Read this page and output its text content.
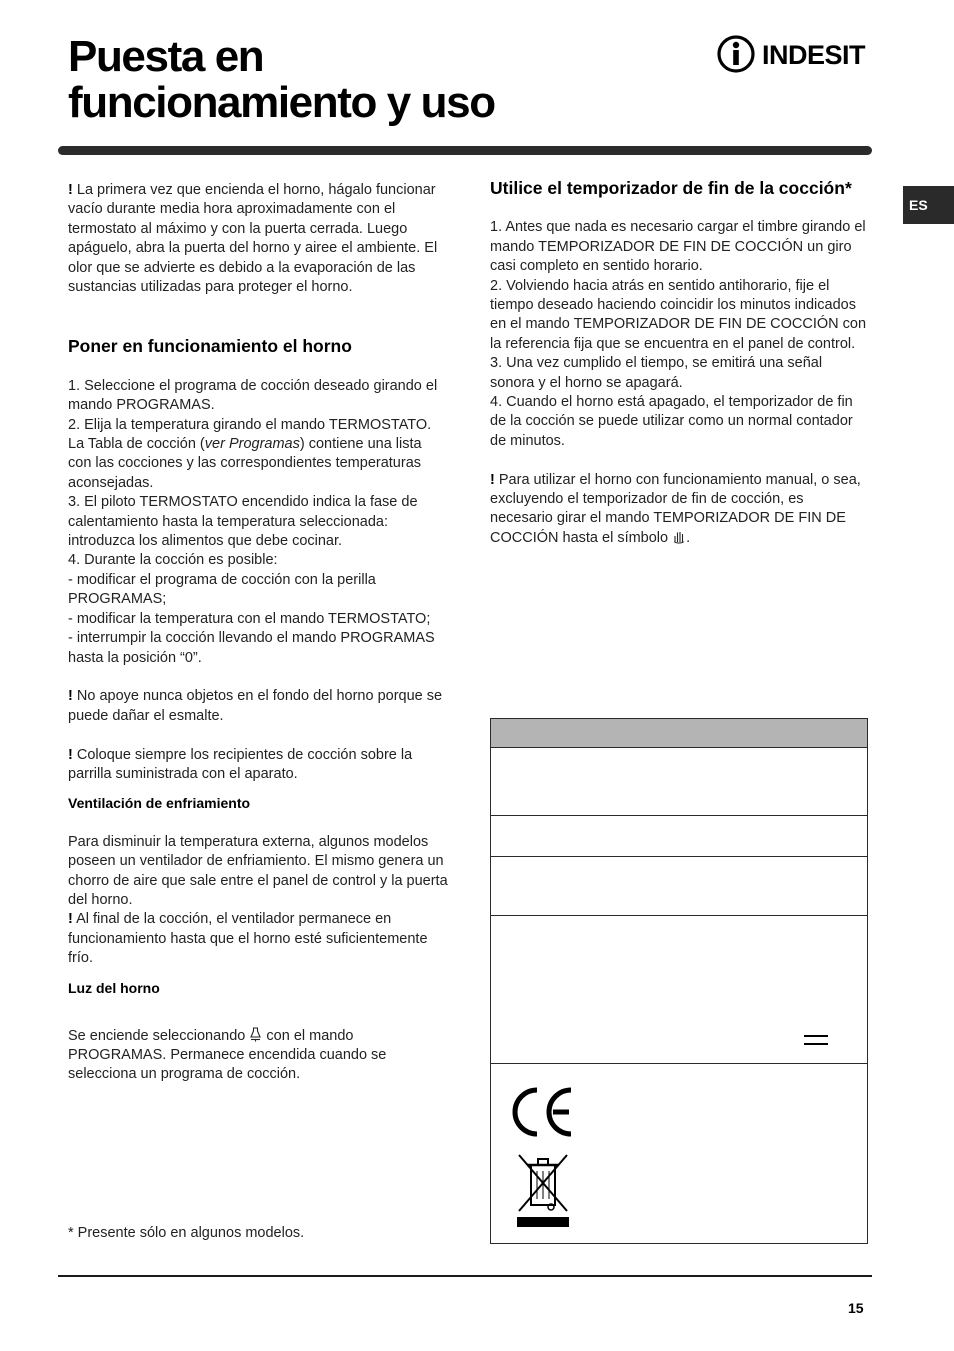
Puesta en
funcionamiento y uso
INDESIT
ES

! La primera vez que encienda el horno, hágalo funcionar vacío durante media hora aproximadamente con el termostato al máximo y con la puerta cerrada. Luego apáguelo, abra la puerta del horno y airee el ambiente. El olor que se advierte es debido a la evaporación de las sustancias utilizadas para proteger el horno.

Poner en funcionamiento el horno

1. Seleccione el programa de cocción deseado girando el mando PROGRAMAS.

2. Elija la temperatura girando el mando TERMOSTATO. La Tabla de cocción (ver Programas) contiene una lista con las cocciones y las correspondientes temperaturas aconsejadas.

3. El piloto TERMOSTATO encendido indica la fase de calentamiento hasta la temperatura seleccionada: introduzca los alimentos que debe cocinar.

4. Durante la cocción es posible:

- modificar el programa de cocción con la perilla PROGRAMAS;

- modificar la temperatura con el mando TERMOSTATO;

- interrumpir la cocción llevando el mando PROGRAMAS hasta la posición “0”.

! No apoye nunca objetos en el fondo del horno porque se puede dañar el esmalte.

! Coloque siempre los recipientes de cocción sobre la parrilla suministrada con el aparato.

Ventilación de enfriamiento

Para disminuir la temperatura externa, algunos modelos poseen un ventilador de enfriamiento. El mismo genera un chorro de aire que sale entre el panel de control y la puerta del horno.

! Al final de la cocción, el ventilador permanece en funcionamiento hasta que el horno esté suficientemente frío.

Luz del horno

Se enciende seleccionando  con el mando PROGRAMAS. Permanece encendida cuando se selecciona un programa de cocción.

Utilice el temporizador de fin de la cocción*

1. Antes que nada es necesario cargar el timbre girando el mando TEMPORIZADOR DE FIN DE COCCIÓN un giro casi completo en sentido horario.

2. Volviendo hacia atrás en sentido antihorario, fije el tiempo deseado haciendo coincidir los minutos indicados en el mando TEMPORIZADOR DE FIN DE COCCIÓN con la referencia fija que se encuentra en el panel de control.

3. Una vez cumplido el tiempo, se emitirá una señal sonora y el horno se apagará.

4. Cuando el horno está apagado, el temporizador de fin de la cocción se puede utilizar como un normal contador de minutos.

! Para utilizar el horno con funcionamiento manual, o sea, excluyendo el temporizador de fin de cocción, es necesario girar el mando TEMPORIZADOR DE FIN DE COCCIÓN hasta el símbolo .

* Presente sólo en algunos modelos.
15
